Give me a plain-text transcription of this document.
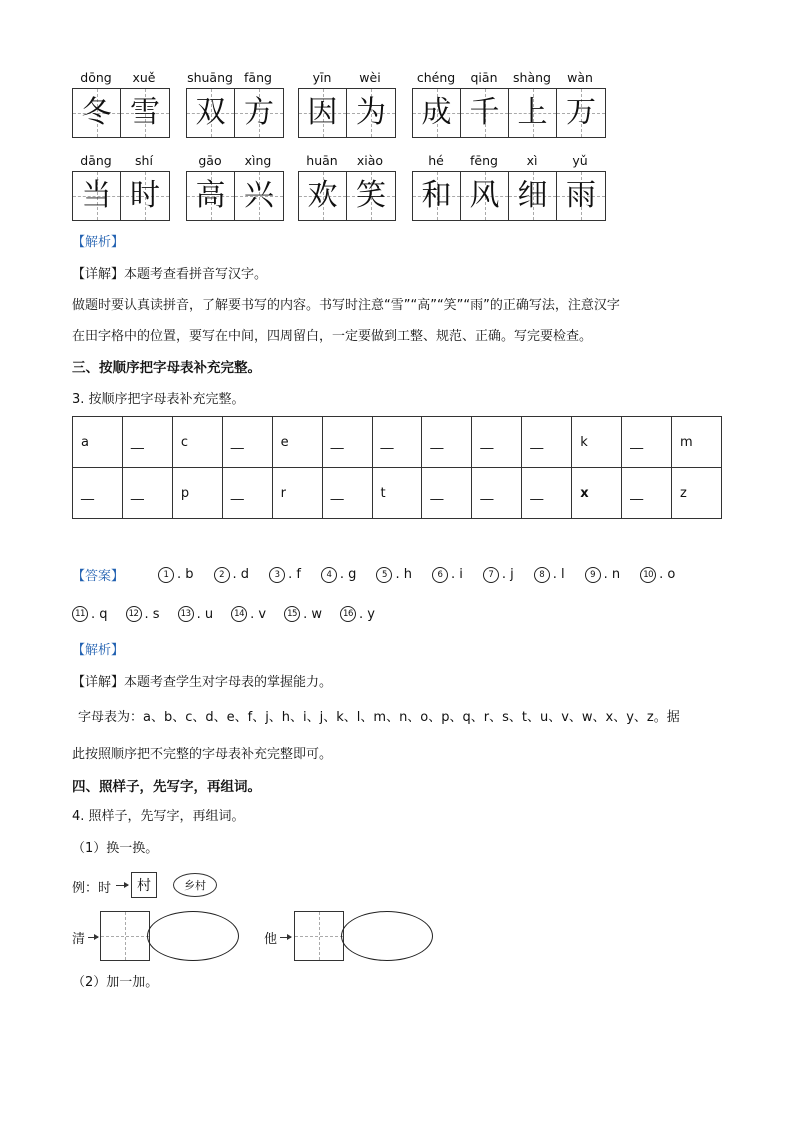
dōng	xuě
冬 雪
shuāng fāng
双 方
yīn	wèi
因 为
chéng	qiān	shàng	wàn
成 千 上 万
dāng	shí
当 时
gāo	xìng
高 兴
huān	xiào
欢 笑
hé	fēng	xì	yǔ
和 风 细 雨
【解析】
【详解】本题考查看拼音写汉字。
做题时要认真读拼音，了解要书写的内容。书写时注意“雪”“高”“笑”“雨”的正确写法，注意汉字
在田字格中的位置，要写在中间，四周留白，一定要做到工整、规范、正确。写完要检查。
三、按顺序把字母表补充完整。
3. 按顺序把字母表补充完整。
a	__	c	__	e	__	__	__	__	__	k	__	m
__	__	p	__	r	__	t	__	__	__	x	__	z
【答案】	1 . b	2 . d	3 . f	4 . g	5 . h	6 . i	7 . j	8 . l	9 . n	10 . o
11 . q	12 . s	13 . u	14 . v	15 . w	16 . y
【解析】
【详解】本题考查学生对字母表的掌握能力。
字母表为：a、b、c、d、e、f、j、h、i、j、k、l、m、n、o、p、q、r、s、t、u、v、w、x、y、z。据
此按照顺序把不完整的字母表补充完整即可。
四、照样子，先写字，再组词。
4. 照样子，先写字，再组词。
（1）换一换。
例：时	村	乡村
清	他
（2）加一加。
